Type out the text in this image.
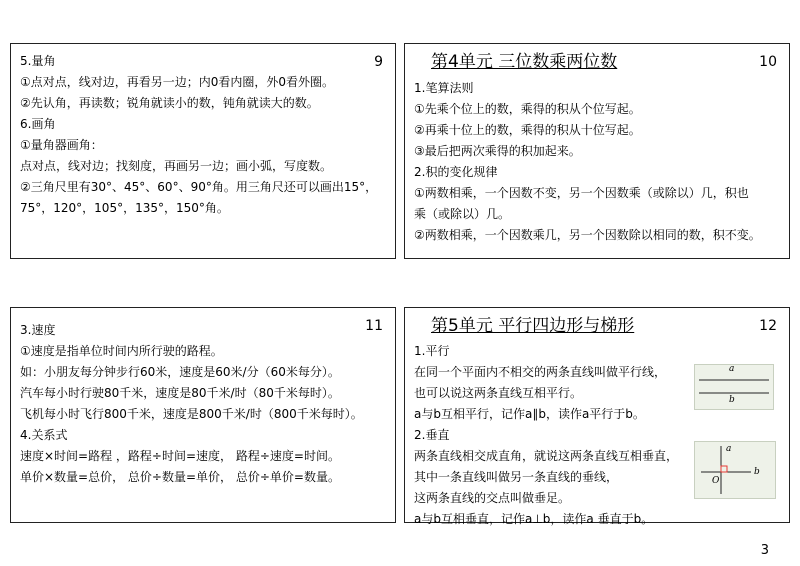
9
5.量角
①点对点，线对边，再看另一边；内0看内圈，外0看外圈。
②先认角，再读数；锐角就读小的数，钝角就读大的数。
6.画角
①量角器画角：
点对点，线对边；找刻度，再画另一边；画小弧，写度数。
②三角尺里有30°、45°、60°、90°角。用三角尺还可以画出15°，
75°，120°，105°，135°，150°角。
10
第4单元 三位数乘两位数
1.笔算法则
①先乘个位上的数，乘得的积从个位写起。
②再乘十位上的数，乘得的积从十位写起。
③最后把两次乘得的积加起来。
2.积的变化规律
①两数相乘，一个因数不变，另一个因数乘（或除以）几，积也
乘（或除以）几。
②两数相乘，一个因数乘几，另一个因数除以相同的数，积不变。
11
3.速度
①速度是指单位时间内所行驶的路程。
如：小朋友每分钟步行60米，速度是60米/分（60米每分）。
汽车每小时行驶80千米，速度是80千米/时（80千米每时）。
飞机每小时飞行800千米，速度是800千米/时（800千米每时）。
4.关系式
速度×时间=路程 ，路程÷时间=速度， 路程÷速度=时间。
单价×数量=总价， 总价÷数量=单价， 总价÷单价=数量。
12
第5单元 平行四边形与梯形
1.平行
在同一个平面内不相交的两条直线叫做平行线，
也可以说这两条直线互相平行。
a与b互相平行，记作a∥b，读作a平行于b。
2.垂直
两条直线相交成直角，就说这两条直线互相垂直，
其中一条直线叫做另一条直线的垂线，
这两条直线的交点叫做垂足。
a与b互相垂直，记作a⊥b，读作a 垂直于b。
a
b
a
b
O
3
